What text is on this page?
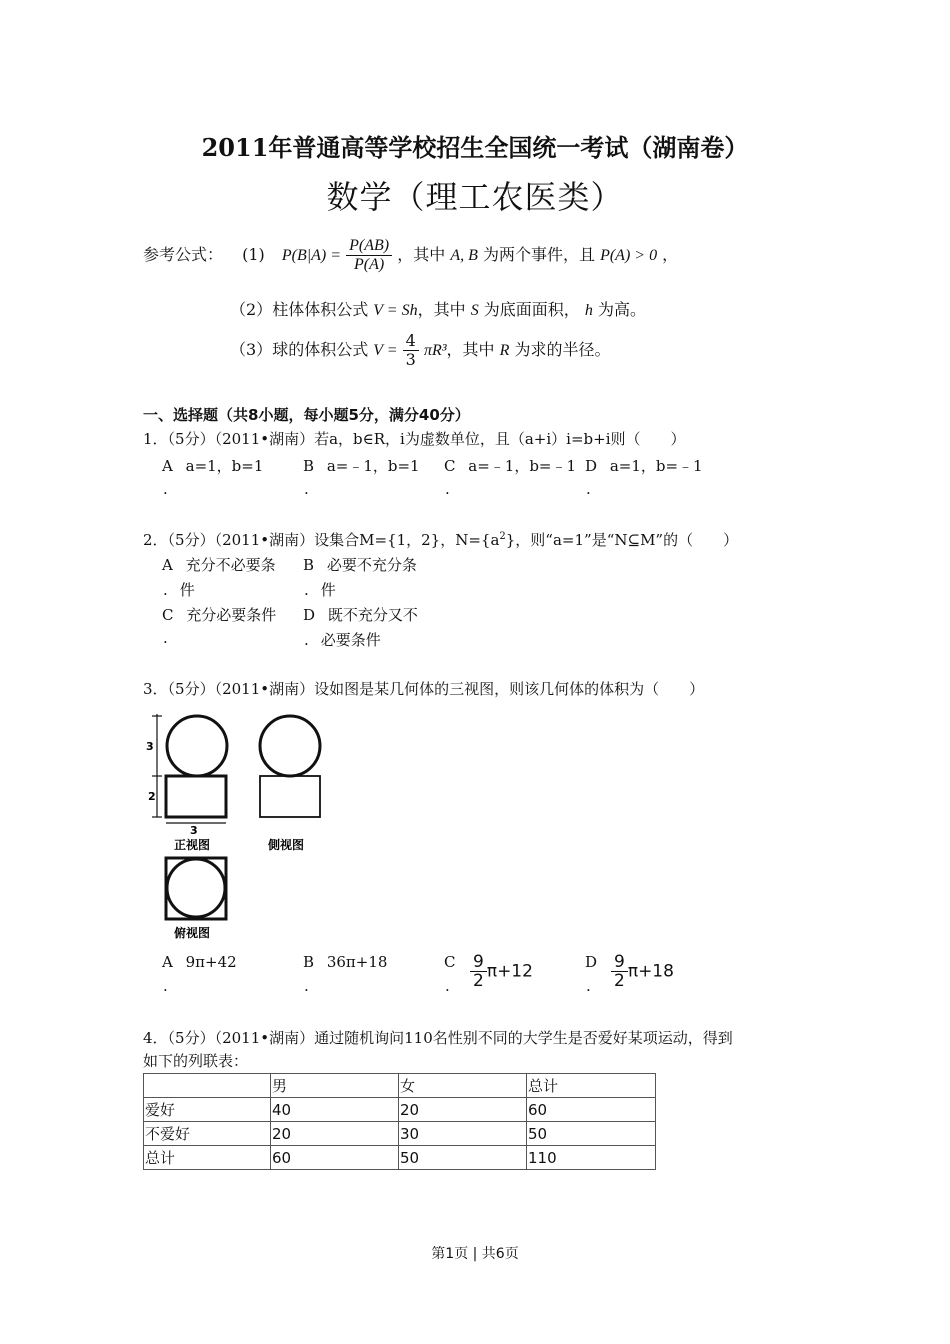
2011年普通高等学校招生全国统一考试（湖南卷）
数学（理工农医类）
参考公式： (1) $P(B|A) = \frac{P(AB)}{P(A)}$ ，其中 A, B 为两个事件，且 P(A) > 0 ，
（2）柱体体积公式 V = Sh，其中 S 为底面面积， h 为高。
（3）球的体积公式 $V = \frac{4}{3} \pi R^3$，其中 R 为求的半径。
一、选择题（共8小题，每小题5分，满分40分）
1．（5分）（2011•湖南）若a，b∈R，i为虚数单位，且（a+i）i=b+i则（　　）
A a=1，b=1	B a=﹣1，b=1 C a=﹣1，b=﹣1 D a=1，b=﹣1
.	.	.	.
2．（5分）（2011•湖南）设集合M={1，2}，$N=\{a^2\}$，则“a=1”是“N⊆M”的（　　）
A 充分不必要条 B 必要不充分条
. 件	. 件
C 充分必要条件 D 既不充分又不
.	. 必要条件
3．（5分）（2011•湖南）设如图是某几何体的三视图，则该几何体的体积为（　　）
3
2
3
正视图	側视图
俯视图
A 9π+42	B 36π+18	C $\frac{9}{2} \pi+12$	D $\frac{9}{2} \pi+18$
.	.	.	.
4．（5分）（2011•湖南）通过随机询问110名性别不同的大学生是否爱好某项运动，得到
如下的列联表：
	男	女	总计
爱好	40	20	60
不爱好	20	30	50
总计	60	50	110
第1页 | 共6页
